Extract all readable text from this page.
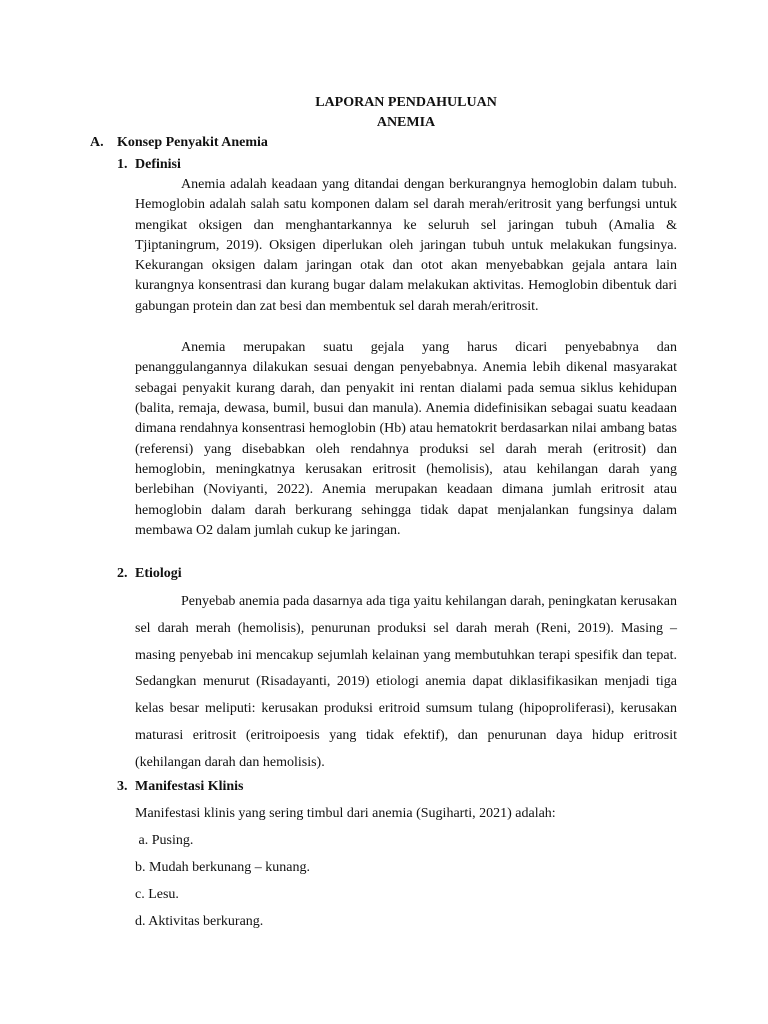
LAPORAN PENDAHULUAN
ANEMIA
A. Konsep Penyakit Anemia
1. Definisi

Anemia adalah keadaan yang ditandai dengan berkurangnya hemoglobin dalam tubuh. Hemoglobin adalah salah satu komponen dalam sel darah merah/eritrosit yang berfungsi untuk mengikat oksigen dan menghantarkannya ke seluruh sel jaringan tubuh (Amalia & Tjiptaningrum, 2019). Oksigen diperlukan oleh jaringan tubuh untuk melakukan fungsinya. Kekurangan oksigen dalam jaringan otak dan otot akan menyebabkan gejala antara lain kurangnya konsentrasi dan kurang bugar dalam melakukan aktivitas. Hemoglobin dibentuk dari gabungan protein dan zat besi dan membentuk sel darah merah/eritrosit.

Anemia merupakan suatu gejala yang harus dicari penyebabnya dan penanggulangannya dilakukan sesuai dengan penyebabnya. Anemia lebih dikenal masyarakat sebagai penyakit kurang darah, dan penyakit ini rentan dialami pada semua siklus kehidupan (balita, remaja, dewasa, bumil, busui dan manula). Anemia didefinisikan sebagai suatu keadaan dimana rendahnya konsentrasi hemoglobin (Hb) atau hematokrit berdasarkan nilai ambang batas (referensi) yang disebabkan oleh rendahnya produksi sel darah merah (eritrosit) dan hemoglobin, meningkatnya kerusakan eritrosit (hemolisis), atau kehilangan darah yang berlebihan (Noviyanti, 2022). Anemia merupakan keadaan dimana jumlah eritrosit atau hemoglobin dalam darah berkurang sehingga tidak dapat menjalankan fungsinya dalam membawa O2 dalam jumlah cukup ke jaringan.

2. Etiologi

Penyebab anemia pada dasarnya ada tiga yaitu kehilangan darah, peningkatan kerusakan sel darah merah (hemolisis), penurunan produksi sel darah merah (Reni, 2019). Masing – masing penyebab ini mencakup sejumlah kelainan yang membutuhkan terapi spesifik dan tepat. Sedangkan menurut (Risadayanti, 2019) etiologi anemia dapat diklasifikasikan menjadi tiga kelas besar meliputi: kerusakan produksi eritroid sumsum tulang (hipoproliferasi), kerusakan maturasi eritrosit (eritroipoesis yang tidak efektif), dan penurunan daya hidup eritrosit (kehilangan darah dan hemolisis).

3. Manifestasi Klinis
Manifestasi klinis yang sering timbul dari anemia (Sugiharti, 2021) adalah:
a. Pusing.
b. Mudah berkunang – kunang.
c. Lesu.
d. Aktivitas berkurang.
